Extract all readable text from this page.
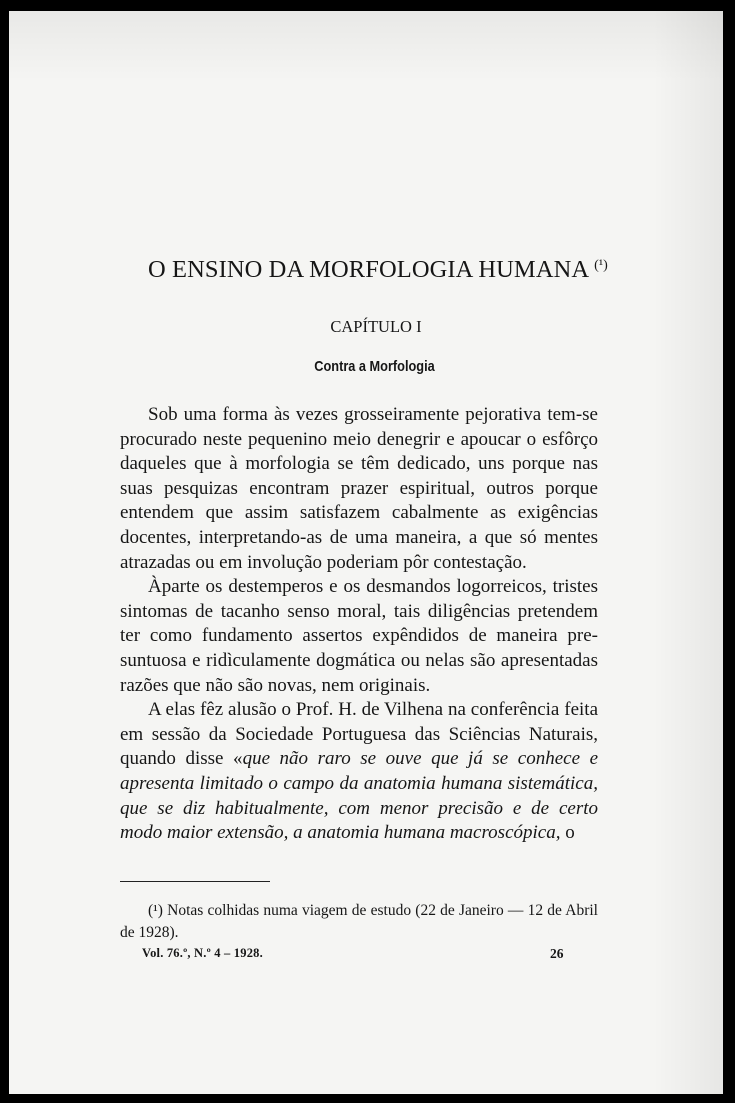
O ENSINO DA MORFOLOGIA HUMANA $^{(^1)}$
CAPÍTULO I
Contra a Morfologia

Sob uma forma às vezes grosseiramente pejorativa tem-se procurado neste pequenino meio denegrir e apoucar o esfôrço daqueles que à morfologia se têm dedicado, uns porque nas suas pesquizas encontram prazer espiritual, outros porque entendem que assim satisfazem cabalmente as exigências docentes, interpretando-as de uma maneira, a que só mentes atrazadas ou em involução poderiam pôr contestação.

Àparte os destemperos e os desmandos logorreicos, tristes sintomas de tacanho senso moral, tais diligências pretendem ter como fundamento assertos expêndidos de maneira presuntuosa e ridìculamente dogmática ou nelas são apresentadas razões que não são novas, nem originais.

A elas fêz alusão o Prof. H. de Vilhena na conferência feita em sessão da Sociedade Portuguesa das Sciências Naturais, quando disse «que não raro se ouve que já se conhece e apresenta limitado o campo da anatomia humana sistemática, que se diz habitualmente, com menor precisão e de certo modo maior extensão, a anatomia humana macroscópica, o

(¹) Notas colhidas numa viagem de estudo (22 de Janeiro — 12 de Abril de 1928).
Vol. 76.º, N.º 4 – 1928.	26
